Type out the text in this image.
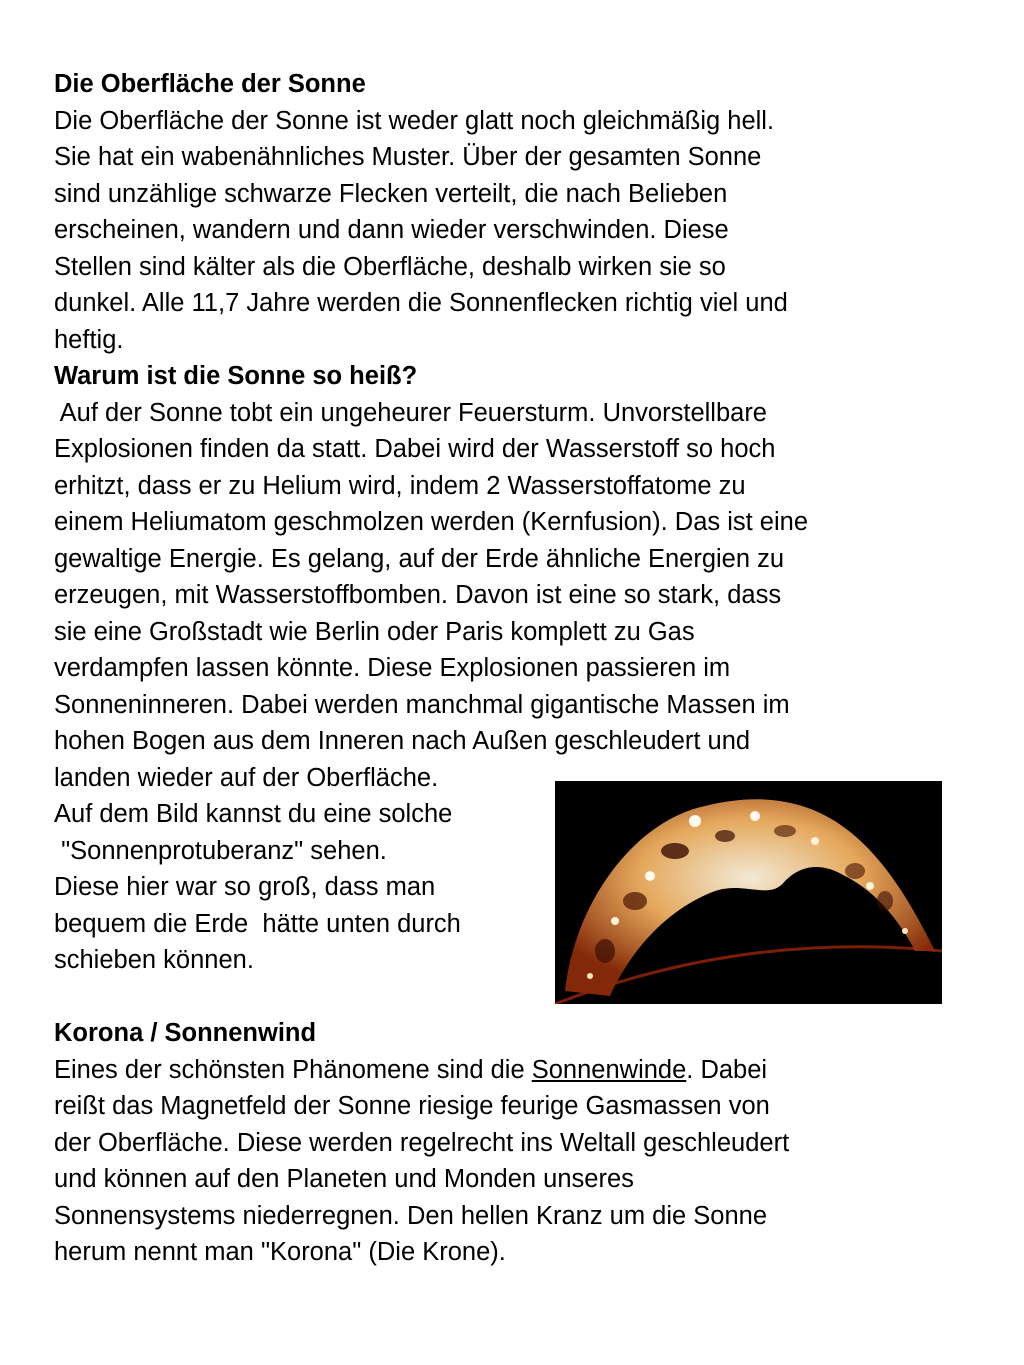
Die Oberfläche der Sonne

Die Oberfläche der Sonne ist weder glatt noch gleichmäßig hell.

Sie hat ein wabenähnliches Muster. Über der gesamten Sonne

sind unzählige schwarze Flecken verteilt, die nach Belieben

erscheinen, wandern und dann wieder verschwinden. Diese

Stellen sind kälter als die Oberfläche, deshalb wirken sie so

dunkel. Alle 11,7 Jahre werden die Sonnenflecken richtig viel und

heftig.

Warum ist die Sonne so heiß?

Auf der Sonne tobt ein ungeheurer Feuersturm. Unvorstellbare

Explosionen finden da statt. Dabei wird der Wasserstoff so hoch

erhitzt, dass er zu Helium wird, indem 2 Wasserstoffatome zu

einem Heliumatom geschmolzen werden (Kernfusion). Das ist eine

gewaltige Energie. Es gelang, auf der Erde ähnliche Energien zu

erzeugen, mit Wasserstoffbomben. Davon ist eine so stark, dass

sie eine Großstadt wie Berlin oder Paris komplett zu Gas

verdampfen lassen könnte. Diese Explosionen passieren im

Sonneninneren. Dabei werden manchmal gigantische Massen im

hohen Bogen aus dem Inneren nach Außen geschleudert und

landen wieder auf der Oberfläche.

Auf dem Bild kannst du eine solche

"Sonnenprotuberanz" sehen.

Diese hier war so groß, dass man

bequem die Erde  hätte unten durch

schieben können.

Korona / Sonnenwind

Eines der schönsten Phänomene sind die Sonnenwinde. Dabei

reißt das Magnetfeld der Sonne riesige feurige Gasmassen von

der Oberfläche. Diese werden regelrecht ins Weltall geschleudert

und können auf den Planeten und Monden unseres

Sonnensystems niederregnen. Den hellen Kranz um die Sonne

herum nennt man "Korona" (Die Krone).
